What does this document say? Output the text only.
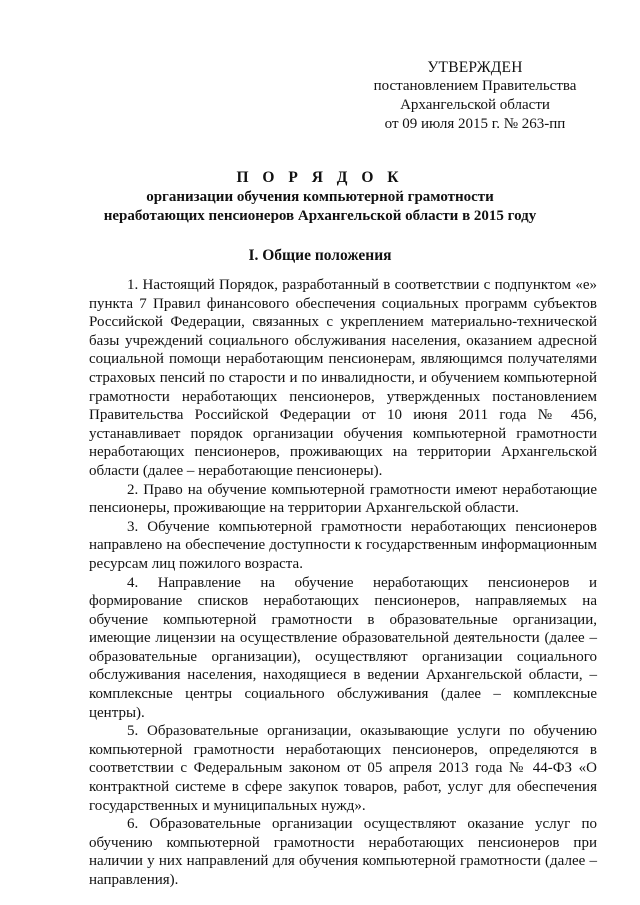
УТВЕРЖДЕН
постановлением Правительства
Архангельской области
от 09 июля 2015 г. № 263-пп
П О Р Я Д О К
организации обучения компьютерной грамотности
неработающих пенсионеров Архангельской области в 2015 году
I. Общие положения

1. Настоящий Порядок, разработанный в соответствии с подпунктом «е» пункта 7 Правил финансового обеспечения социальных программ субъектов Российской Федерации, связанных с укреплением материально-технической базы учреждений социального обслуживания населения, оказанием адресной социальной помощи неработающим пенсионерам, являющимся получателями страховых пенсий по старости и по инвалидности, и обучением компьютерной грамотности неработающих пенсионеров, утвержденных постановлением Правительства Российской Федерации от 10 июня 2011 года № 456, устанавливает порядок организации обучения компьютерной грамотности неработающих пенсионеров, проживающих на территории Архангельской области (далее – неработающие пенсионеры).

2. Право на обучение компьютерной грамотности имеют неработающие пенсионеры, проживающие на территории Архангельской области.

3. Обучение компьютерной грамотности неработающих пенсионеров направлено на обеспечение доступности к государственным информационным ресурсам лиц пожилого возраста.

4. Направление на обучение неработающих пенсионеров и формирование списков неработающих пенсионеров, направляемых на обучение компьютерной грамотности в образовательные организации, имеющие лицензии на осуществление образовательной деятельности (далее – образовательные организации), осуществляют организации социального обслуживания населения, находящиеся в ведении Архангельской области, – комплексные центры социального обслуживания (далее – комплексные центры).

5. Образовательные организации, оказывающие услуги по обучению компьютерной грамотности неработающих пенсионеров, определяются в соответствии с Федеральным законом от 05 апреля 2013 года № 44-ФЗ «О контрактной системе в сфере закупок товаров, работ, услуг для обеспечения государственных и муниципальных нужд».

6. Образовательные организации осуществляют оказание услуг по обучению компьютерной грамотности неработающих пенсионеров при наличии у них направлений для обучения компьютерной грамотности (далее – направления).
